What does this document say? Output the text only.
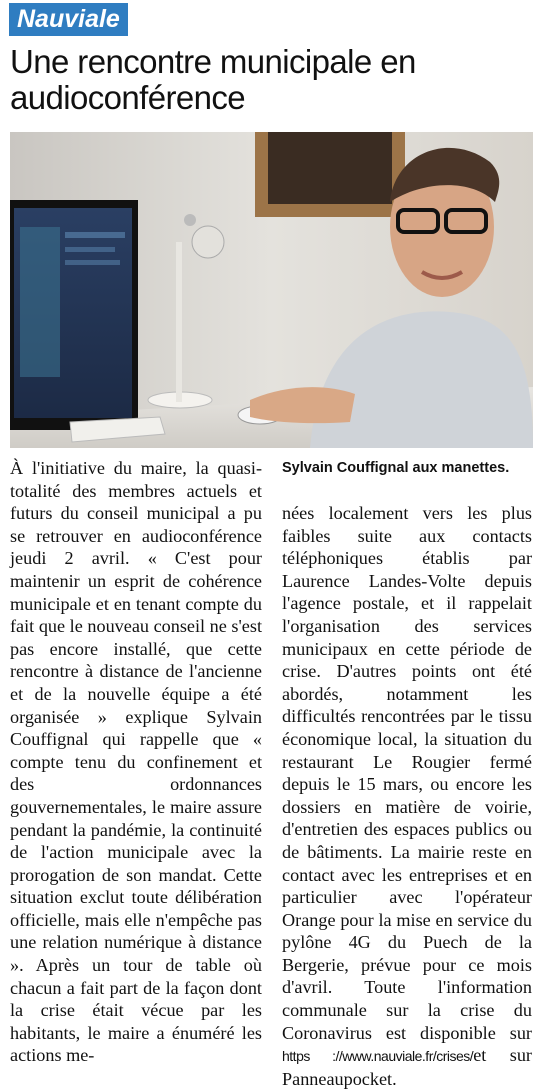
Nauviale
Une rencontre municipale en audioconférence
Sylvain Couffignal aux manettes.

À l'initiative du maire, la quasi-totalité des membres actuels et futurs du conseil municipal a pu se retrouver en audioconférence jeudi 2 avril. « C'est pour maintenir un esprit de cohérence municipale et en tenant compte du fait que le nouveau conseil ne s'est pas encore installé, que cette rencontre à distance de l'ancienne et de la nouvelle équipe a été organisée » explique Sylvain Couffignal qui rappelle que « compte tenu du confinement et des ordonnances gouvernementales, le maire assure pendant la pandémie, la continuité de l'action municipale avec la prorogation de son mandat. Cette situation exclut toute délibération officielle, mais elle n'empêche pas une relation numérique à distance ». Après un tour de table où chacun a fait part de la façon dont la crise était vécue par les habitants, le maire a énuméré les actions me-

nées localement vers les plus faibles suite aux contacts téléphoniques établis par Laurence Landes-Volte depuis l'agence postale, et il rappelait l'organisation des services municipaux en cette période de crise. D'autres points ont été abordés, notamment les difficultés rencontrées par le tissu économique local, la situation du restaurant Le Rougier fermé depuis le 15 mars, ou encore les dossiers en matière de voirie, d'entretien des espaces publics ou de bâtiments. La mairie reste en contact avec les entreprises et en particulier avec l'opérateur Orange pour la mise en service du pylône 4G du Puech de la Bergerie, prévue pour ce mois d'avril. Toute l'information communale sur la crise du Coronavirus est disponible sur https ://www.nauviale.fr/crises/et sur Panneaupocket.
